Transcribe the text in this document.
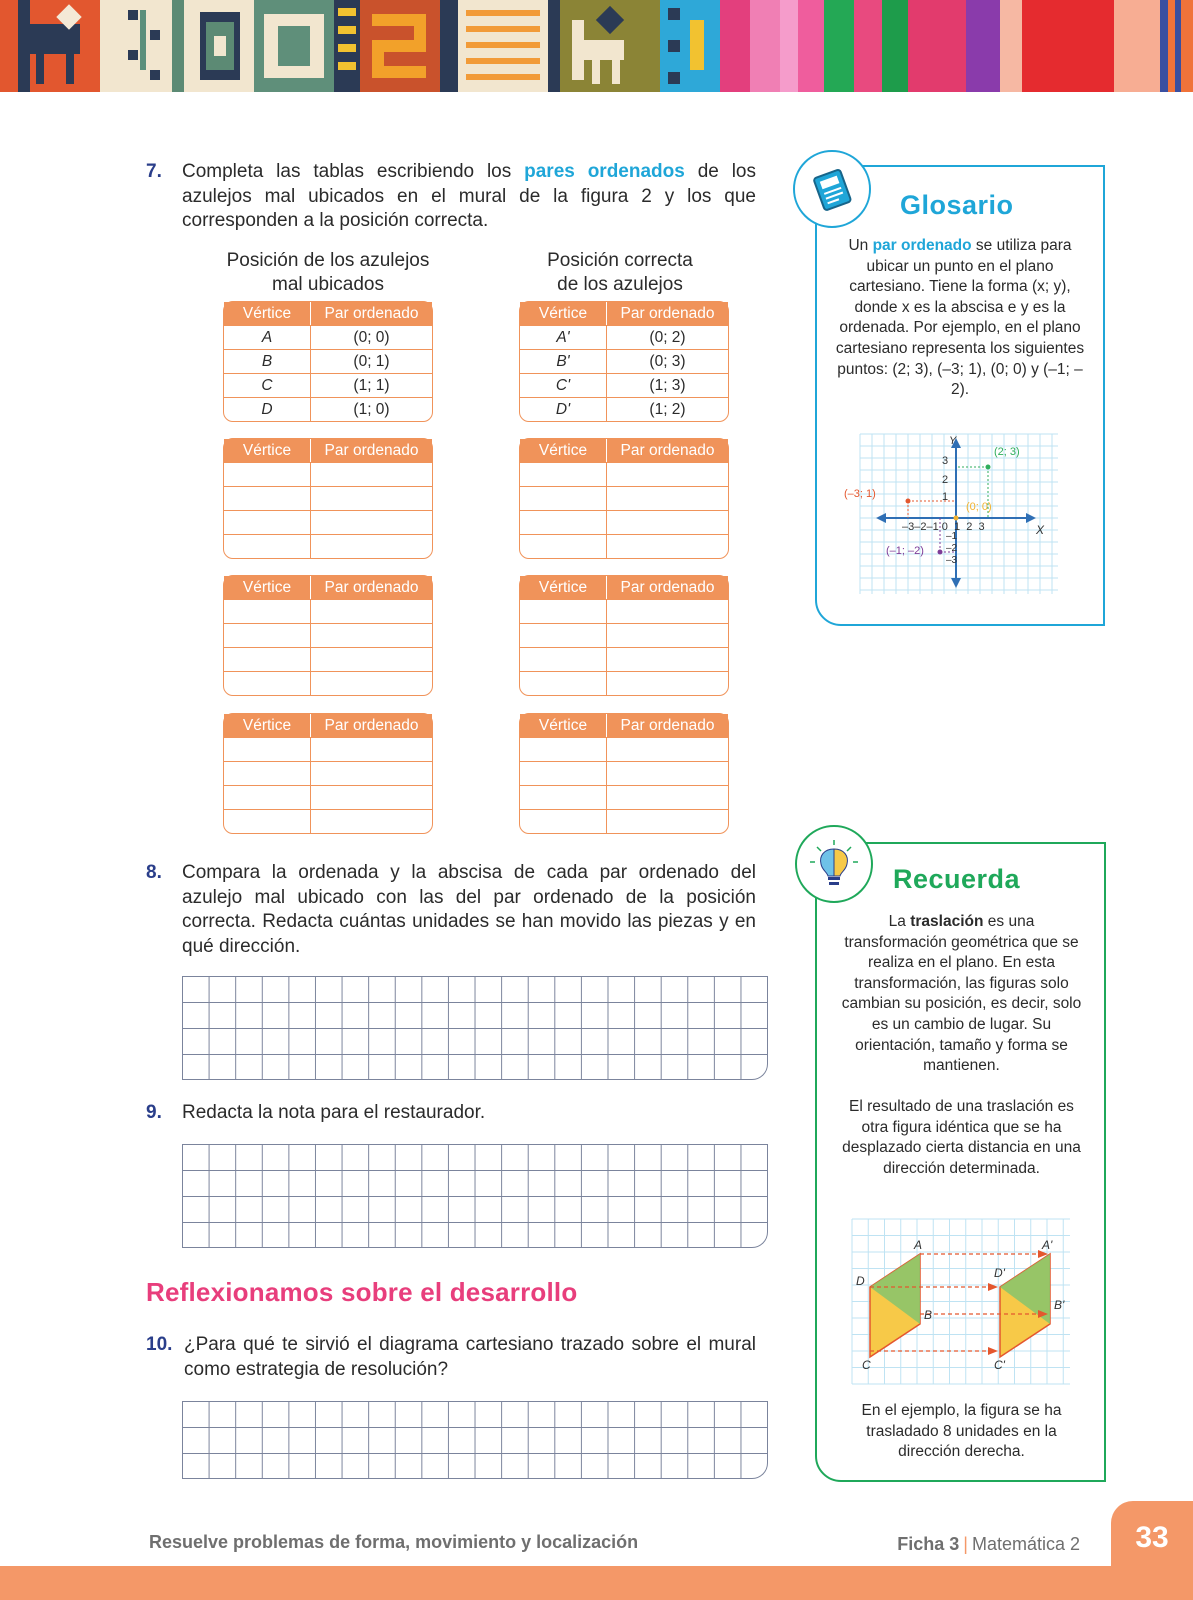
7. Completa las tablas escribiendo los pares ordenados de los azulejos mal ubicados en el mural de la figura 2 y los que corresponden a la posición correcta.
Posición de los azulejos
mal ubicados
Posición correcta
de los azulejos
Vértice	Par ordenado
A	(0; 0)
B	(0; 1)
C	(1; 1)
D	(1; 0)
Vértice	Par ordenado
A'	(0; 2)
B'	(0; 3)
C'	(1; 3)
D'	(1; 2)
Vértice	Par ordenado	Vértice	Par ordenado
Vértice	Par ordenado	Vértice	Par ordenado
Vértice	Par ordenado	Vértice	Par ordenado
8. Compara la ordenada y la abscisa de cada par ordenado del azulejo mal ubicado con las del par ordenado de la posición correcta. Redacta cuántas unidades se han movido las piezas y en qué dirección.
9. Redacta la nota para el restaurador.
Reflexionamos sobre el desarrollo
10. ¿Para qué te sirvió el diagrama cartesiano trazado sobre el mural como estrategia de resolución?
Glosario
Un par ordenado se utiliza para ubicar un punto en el plano cartesiano. Tiene la forma (x; y), donde x es la abscisa e y es la ordenada. Por ejemplo, en el plano cartesiano representa los siguientes puntos: (2; 3), (–3; 1), (0; 0) y (–1; –2).
Y
X
–3–2–1 0  1  2  3
3
2
1
–1
–2
–3
(2; 3)
(–3; 1)
(0; 0)
(–1; –2)
Recuerda
La traslación es una transformación geométrica que se realiza en el plano. En esta transformación, las figuras solo cambian su posición, es decir, solo es un cambio de lugar. Su orientación, tamaño y forma se mantienen.
El resultado de una traslación es otra figura idéntica que se ha desplazado cierta distancia en una dirección determinada.
A
D
B
C
A'
D'
B'
C'
En el ejemplo, la figura se ha trasladado 8 unidades en la dirección derecha.
Resuelve problemas de forma, movimiento y localización	Ficha 3 | Matemática 2	33
